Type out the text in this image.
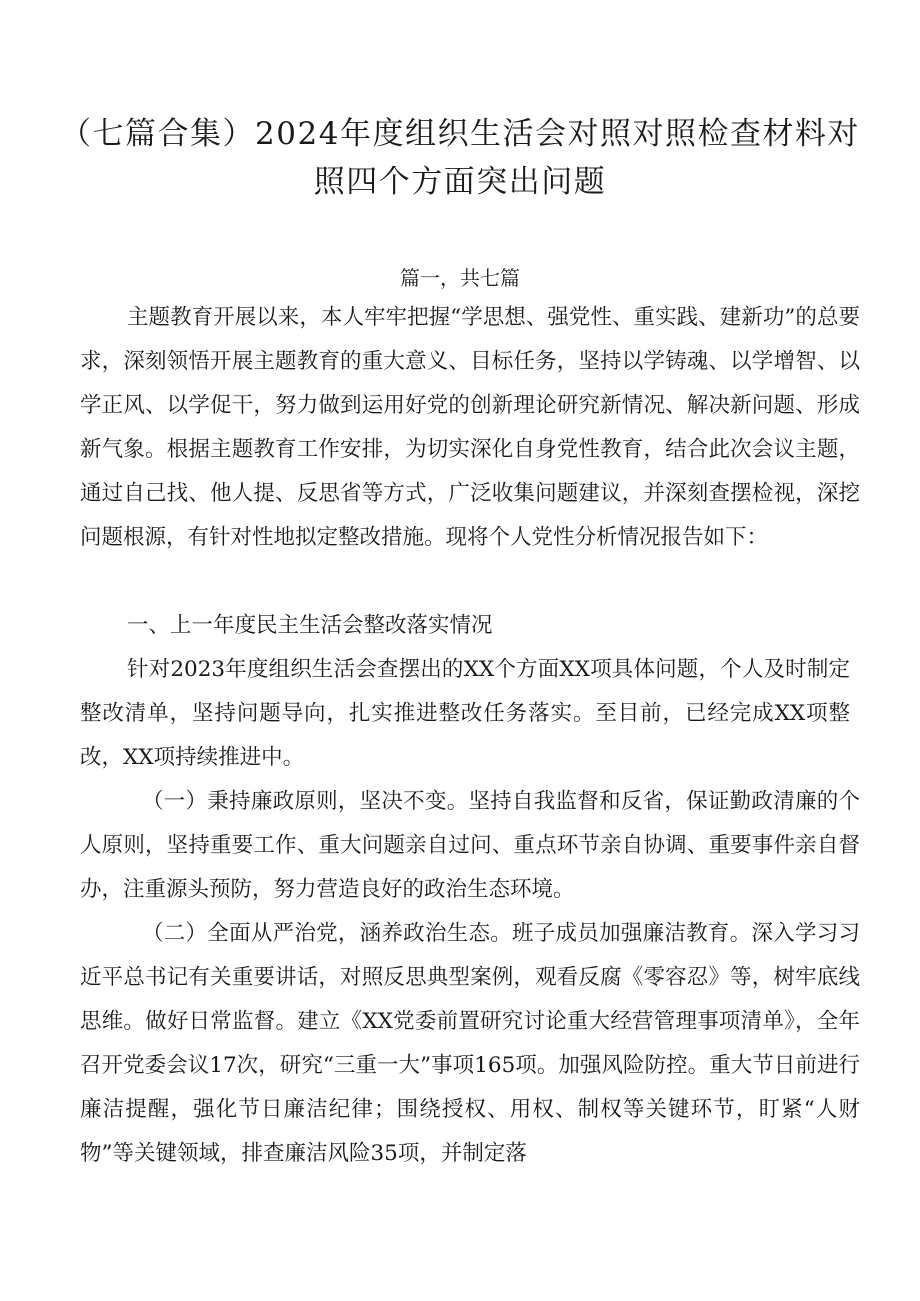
（七篇合集）2024年度组织生活会对照对照检查材料对照四个方面突出问题

篇一，共七篇

主题教育开展以来，本人牢牢把握“学思想、强党性、重实践、建新功”的总要求，深刻领悟开展主题教育的重大意义、目标任务，坚持以学铸魂、以学增智、以学正风、以学促干，努力做到运用好党的创新理论研究新情况、解决新问题、形成新气象。根据主题教育工作安排，为切实深化自身党性教育，结合此次会议主题，通过自己找、他人提、反思省等方式，广泛收集问题建议，并深刻查摆检视，深挖问题根源，有针对性地拟定整改措施。现将个人党性分析情况报告如下：

一、上一年度民主生活会整改落实情况

针对2023年度组织生活会查摆出的XX个方面XX项具体问题，个人及时制定整改清单，坚持问题导向，扎实推进整改任务落实。至目前，已经完成XX项整改，XX项持续推进中。

（一）秉持廉政原则，坚决不变。坚持自我监督和反省，保证勤政清廉的个人原则，坚持重要工作、重大问题亲自过问、重点环节亲自协调、重要事件亲自督办，注重源头预防，努力营造良好的政治生态环境。

（二）全面从严治党，涵养政治生态。班子成员加强廉洁教育。深入学习习近平总书记有关重要讲话，对照反思典型案例，观看反腐《零容忍》等，树牢底线思维。做好日常监督。建立《XX党委前置研究讨论重大经营管理事项清单》，全年召开党委会议17次，研究“三重一大”事项165项。加强风险防控。重大节日前进行廉洁提醒，强化节日廉洁纪律；围绕授权、用权、制权等关键环节，盯紧“人财物”等关键领域，排查廉洁风险35项，并制定落
